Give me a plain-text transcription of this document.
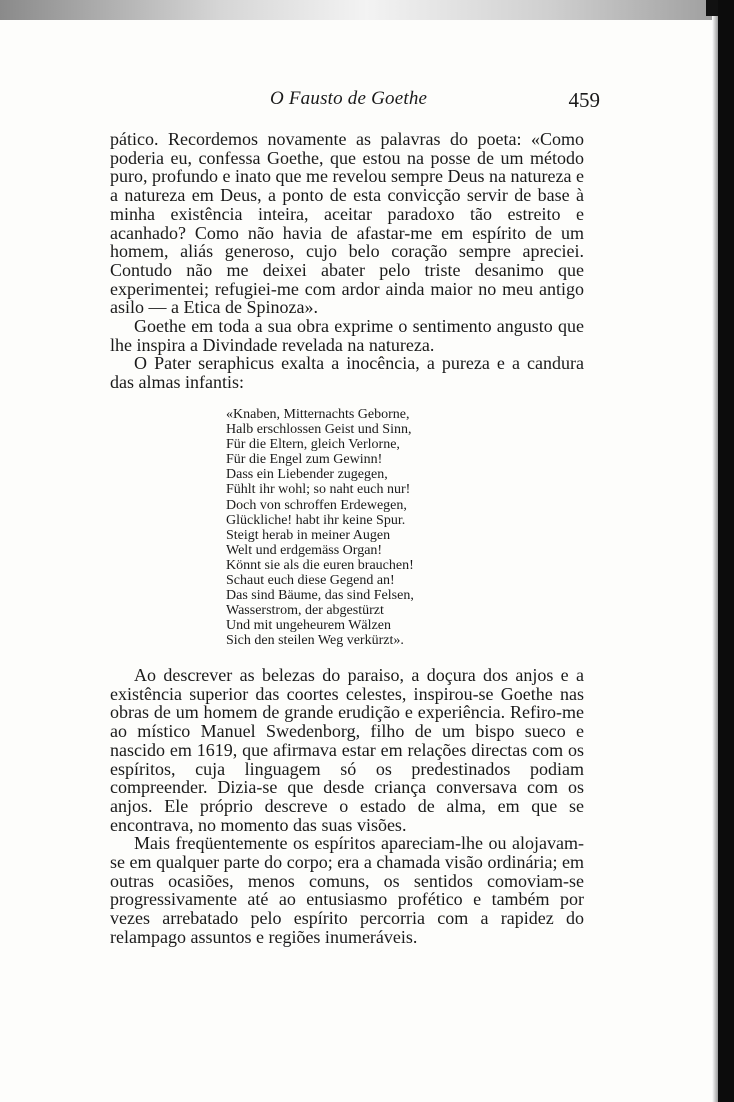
O Fausto de Goethe	459

pático. Recordemos novamente as palavras do poeta: «Como poderia eu, confessa Goethe, que estou na posse de um método puro, profundo e inato que me revelou sempre Deus na natureza e a natureza em Deus, a ponto de esta convicção servir de base à minha existência inteira, aceitar paradoxo tão estreito e acanhado? Como não havia de afastar-me em espírito de um homem, aliás generoso, cujo belo coração sempre apreciei. Contudo não me deixei abater pelo triste desanimo que experimentei; refugiei-me com ardor ainda maior no meu antigo asilo — a Etica de Spinoza».

Goethe em toda a sua obra exprime o sentimento angusto que lhe inspira a Divindade revelada na natureza.

O Pater seraphicus exalta a inocência, a pureza e a candura das almas infantis:

«Knaben, Mitternachts Geborne,
Halb erschlossen Geist und Sinn,
Für die Eltern, gleich Verlorne,
Für die Engel zum Gewinn!
Dass ein Liebender zugegen,
Fühlt ihr wohl; so naht euch nur!
Doch von schroffen Erdewegen,
Glückliche! habt ihr keine Spur.
Steigt herab in meiner Augen
Welt und erdgemäss Organ!
Könnt sie als die euren brauchen!
Schaut euch diese Gegend an!
Das sind Bäume, das sind Felsen,
Wasserstrom, der abgestürzt
Und mit ungeheurem Wälzen
Sich den steilen Weg verkürzt».

Ao descrever as belezas do paraiso, a doçura dos anjos e a existência superior das coortes celestes, inspirou-se Goethe nas obras de um homem de grande erudição e experiência. Refiro-me ao místico Manuel Swedenborg, filho de um bispo sueco e nascido em 1619, que afirmava estar em relações directas com os espíritos, cuja linguagem só os predestinados podiam compreender. Dizia-se que desde criança conversava com os anjos. Ele próprio descreve o estado de alma, em que se encontrava, no momento das suas visões.

Mais freqüentemente os espíritos apareciam-lhe ou alojavam-se em qualquer parte do corpo; era a chamada visão ordinária; em outras ocasiões, menos comuns, os sentidos comoviam-se progressivamente até ao entusiasmo profético e também por vezes arrebatado pelo espírito percorria com a rapidez do relampago assuntos e regiões inumeráveis.
